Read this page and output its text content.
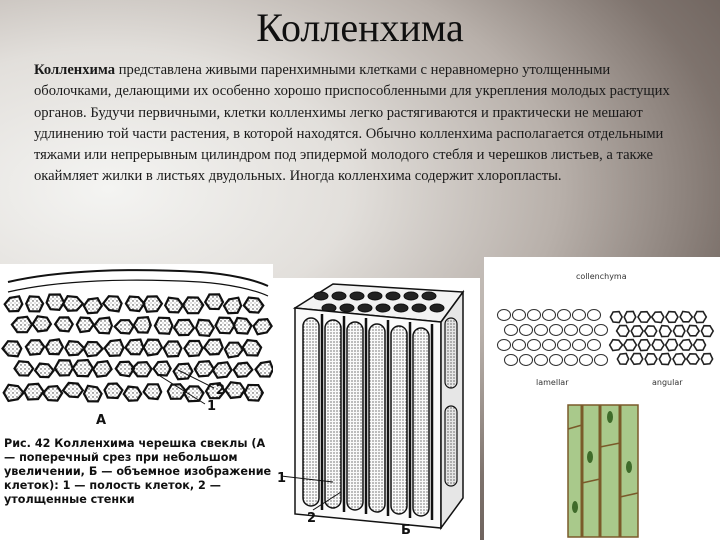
Колленхима

Колленхима представлена живыми паренхимными клетками с неравномерно утолщенными оболочками, делающими их особенно хорошо приспособленными для укрепления молодых растущих органов. Будучи первичными, клетки колленхимы легко растягиваются и практически не мешают удлинению той части растения, в которой находятся. Обычно колленхима располагается отдельными тяжами или непрерывным цилиндром под эпидермой молодого стебля и черешков листьев, а также окаймляет жилки в листьях двудольных. Иногда колленхима содержит хлоропласты.

1
2
А

Рис. 42 Колленхима черешка свеклы (А — поперечный срез при небольшом увеличении, Б — объемное изображение клеток): 1 — полость клеток, 2 — утолщенные стенки

1
2
Б
collenchyma
lamellar	angular
